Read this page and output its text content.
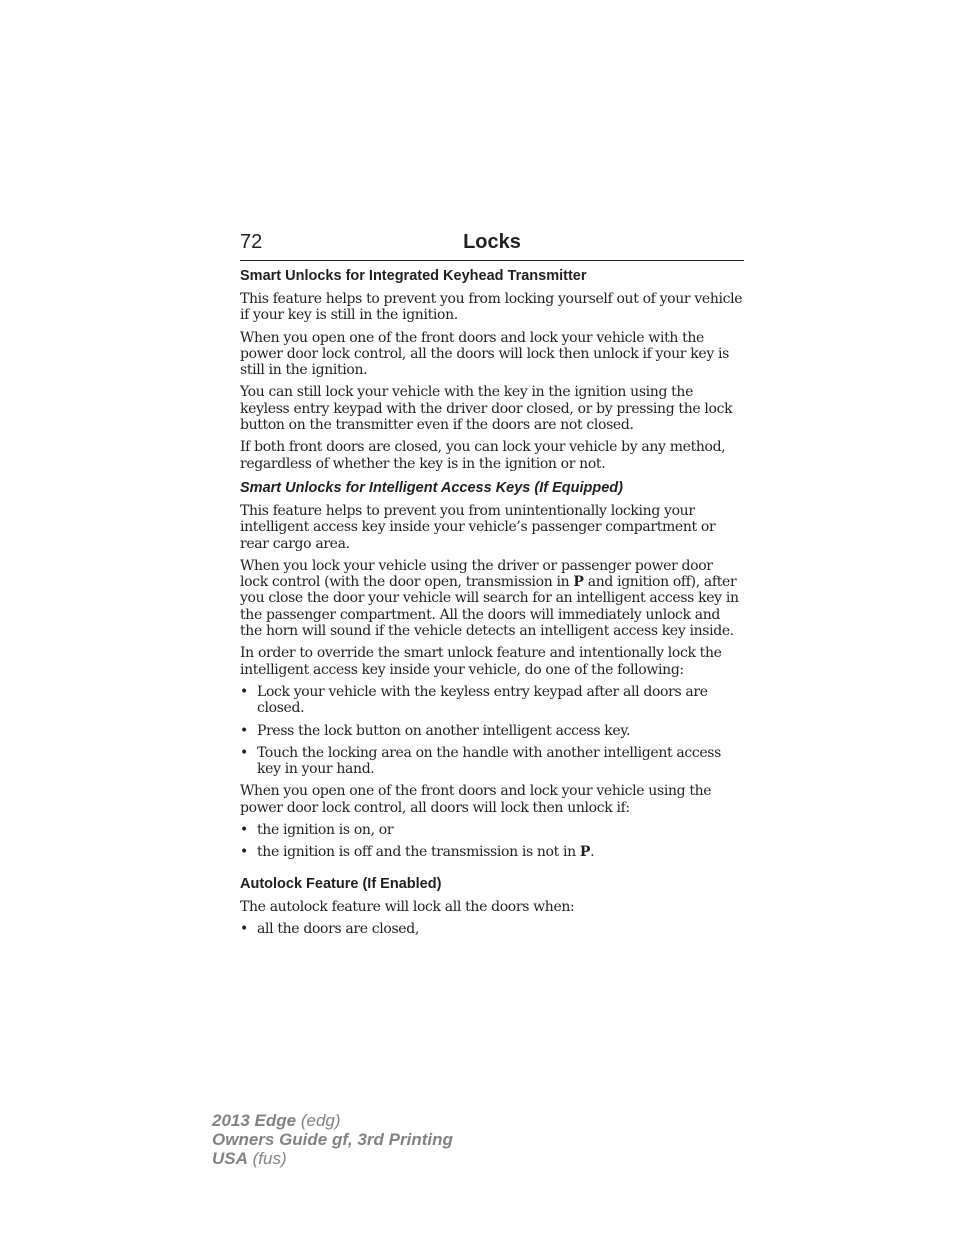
72	Locks
Smart Unlocks for Integrated Keyhead Transmitter

This feature helps to prevent you from locking yourself out of your vehicle if your key is still in the ignition.

When you open one of the front doors and lock your vehicle with the power door lock control, all the doors will lock then unlock if your key is still in the ignition.

You can still lock your vehicle with the key in the ignition using the keyless entry keypad with the driver door closed, or by pressing the lock button on the transmitter even if the doors are not closed.

If both front doors are closed, you can lock your vehicle by any method, regardless of whether the key is in the ignition or not.

Smart Unlocks for Intelligent Access Keys (If Equipped)

This feature helps to prevent you from unintentionally locking your intelligent access key inside your vehicle’s passenger compartment or rear cargo area.

When you lock your vehicle using the driver or passenger power door lock control (with the door open, transmission in P and ignition off), after you close the door your vehicle will search for an intelligent access key in the passenger compartment. All the doors will immediately unlock and the horn will sound if the vehicle detects an intelligent access key inside.

In order to override the smart unlock feature and intentionally lock the intelligent access key inside your vehicle, do one of the following:

• Lock your vehicle with the keyless entry keypad after all doors are closed.
• Press the lock button on another intelligent access key.
• Touch the locking area on the handle with another intelligent access key in your hand.

When you open one of the front doors and lock your vehicle using the power door lock control, all doors will lock then unlock if:

• the ignition is on, or
• the ignition is off and the transmission is not in P.
Autolock Feature (If Enabled)

The autolock feature will lock all the doors when:

• all the doors are closed,
2013 Edge (edg)
Owners Guide gf, 3rd Printing
USA (fus)
